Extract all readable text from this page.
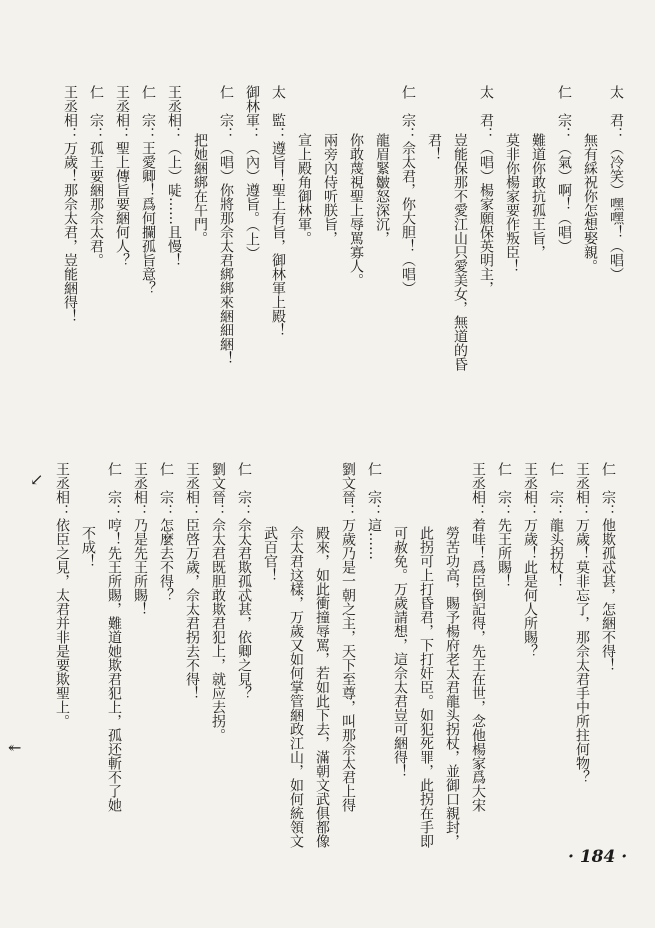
太　君：（冷笑）嘿嘿！（唱）
無有綵祝你怎想娶親。
仁　宗：（氣）啊！（唱）
難道你敢抗孤王旨，
莫非你楊家要作叛臣！
太　君：（唱）楊家願保英明主，
豈能保那不愛江山只愛美女，無道的昏
君！
仁　宗：佘太君，你大胆！（唱）
龍眉緊皺怒深沉，
你敢蔑視聖上辱罵寡人。
兩旁內侍听朕旨，
宣上殿角御林軍。
太　監：遵旨！聖上有旨，御林軍上殿！
御林軍：（內）遵旨。（上）
仁　宗：（唱）你將那佘太君綁綁來綑細綑！
把她綑綁在午門。
王丞相：（上）唗……且慢！
仁　宗：王愛卿！爲何攔孤旨意？
王丞相：聖上傳旨要綑何人？
仁　宗：孤王要綑那佘太君。
王丞相：万歲！那佘太君，豈能綑得！
仁　宗：他欺孤忒甚，怎綑不得！
王丞相：万歲！莫非忘了，那佘太君手中所拄何物？
仁　宗：龍头拐杖！
王丞相：万歲！此是何人所賜？
仁　宗：先王所賜！
王丞相：着哇！爲臣倒記得，先王在世，念他楊家爲大宋
勞苦功高，賜予楊府老太君龍头拐杖，並御口親封，
此拐可上打昏君，下打奸臣。如犯死罪，此拐在手即
可赦免。万歲請想，這佘太君豈可綑得！
仁　宗：這……
劉文晉：万歲乃是一朝之主，天下至尊，叫那佘太君上得
殿來，如此衝撞辱罵，若如此下去，滿朝文武俱都像
佘太君这樣，万歲又如何掌管綑政江山，如何統領文
武百官！
仁　宗：佘太君欺孤忒甚，依卿之見？
劉文晉：佘太君既胆敢欺君犯上，就应去拐。
王丞相：臣啓万歲，佘太君拐去不得！
仁　宗：怎麼去不得？
王丞相：乃是先王所賜！
仁　宗：哼！先王所賜，難道她欺君犯上，孤还斬不了她
不成！
王丞相：依臣之見，太君并非是要欺聖上。
↙
↞
· 184 ·
